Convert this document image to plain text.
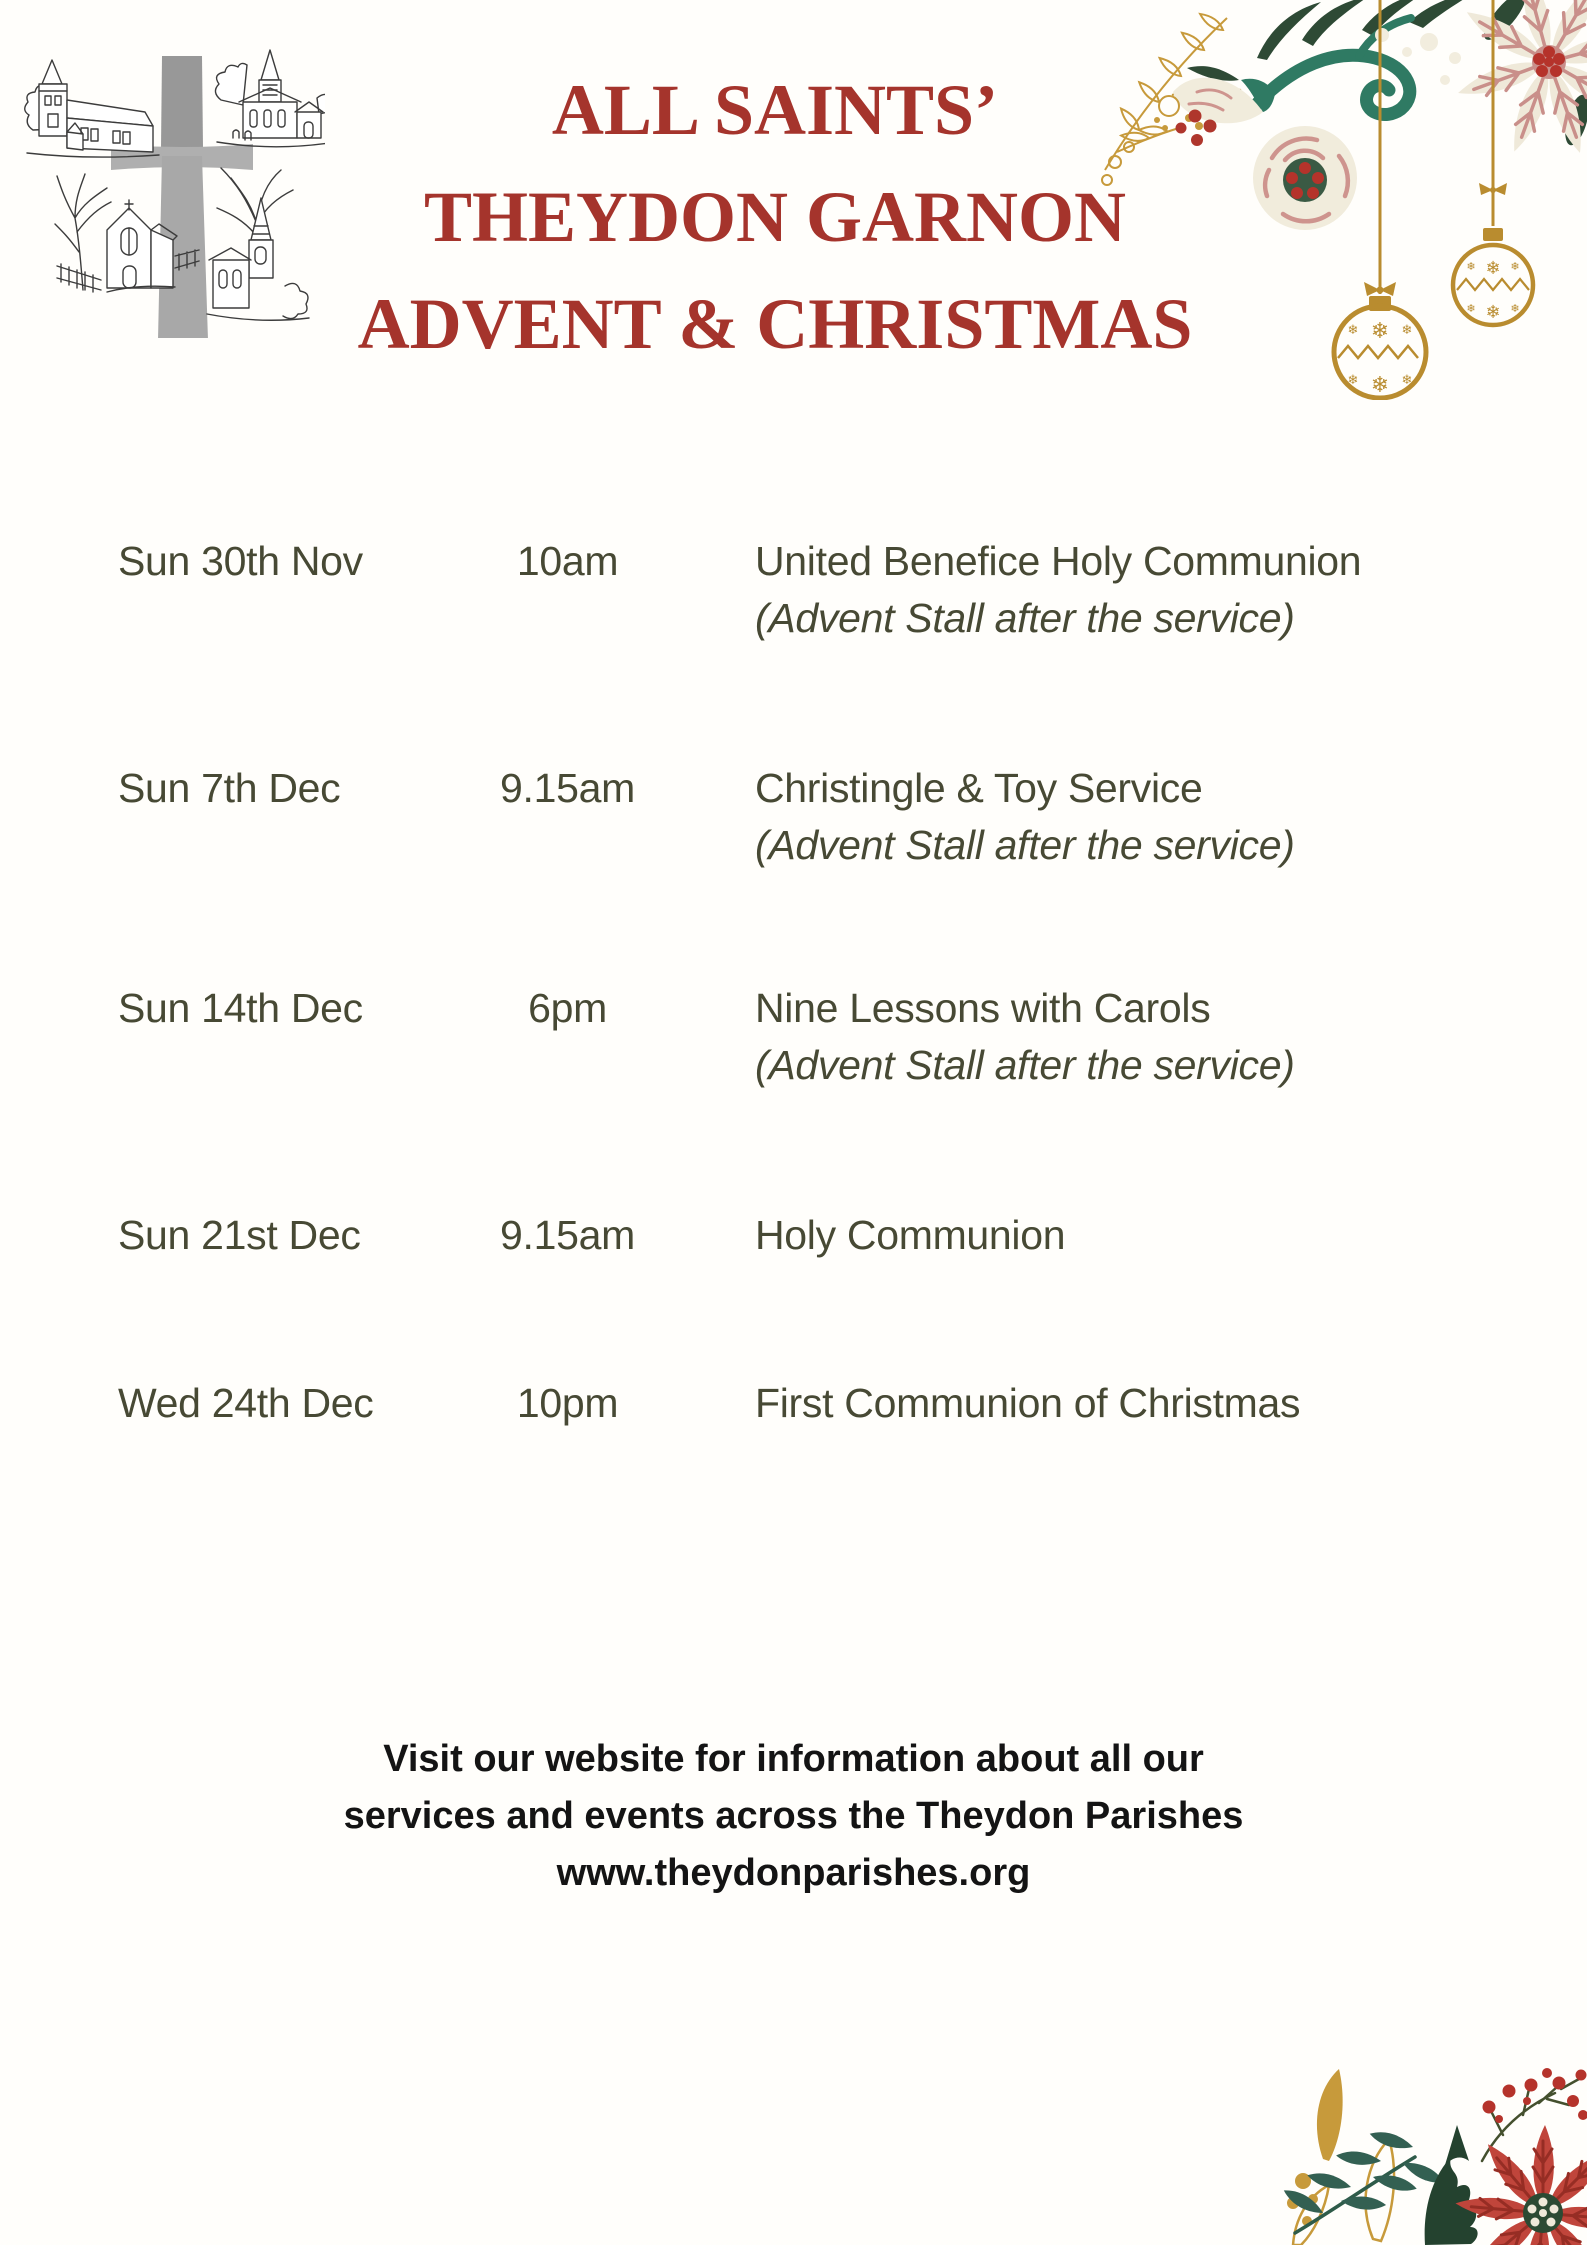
ALL SAINTS’
THEYDON GARNON
ADVENT & CHRISTMAS	❄
❄	❄
❄
❄	❄
❄
❄	❄
❄
❄	❄
Sun 30th Nov	10am	United Benefice Holy Communion
(Advent Stall after the service)
Sun 7th Dec	9.15am	Christingle & Toy Service
(Advent Stall after the service)
Sun 14th Dec	6pm	Nine Lessons with Carols
(Advent Stall after the service)
Sun 21st Dec	9.15am	Holy Communion
Wed 24th Dec	10pm	First Communion of Christmas
Visit our website for information about all our
services and events across the Theydon Parishes
www.theydonparishes.org
